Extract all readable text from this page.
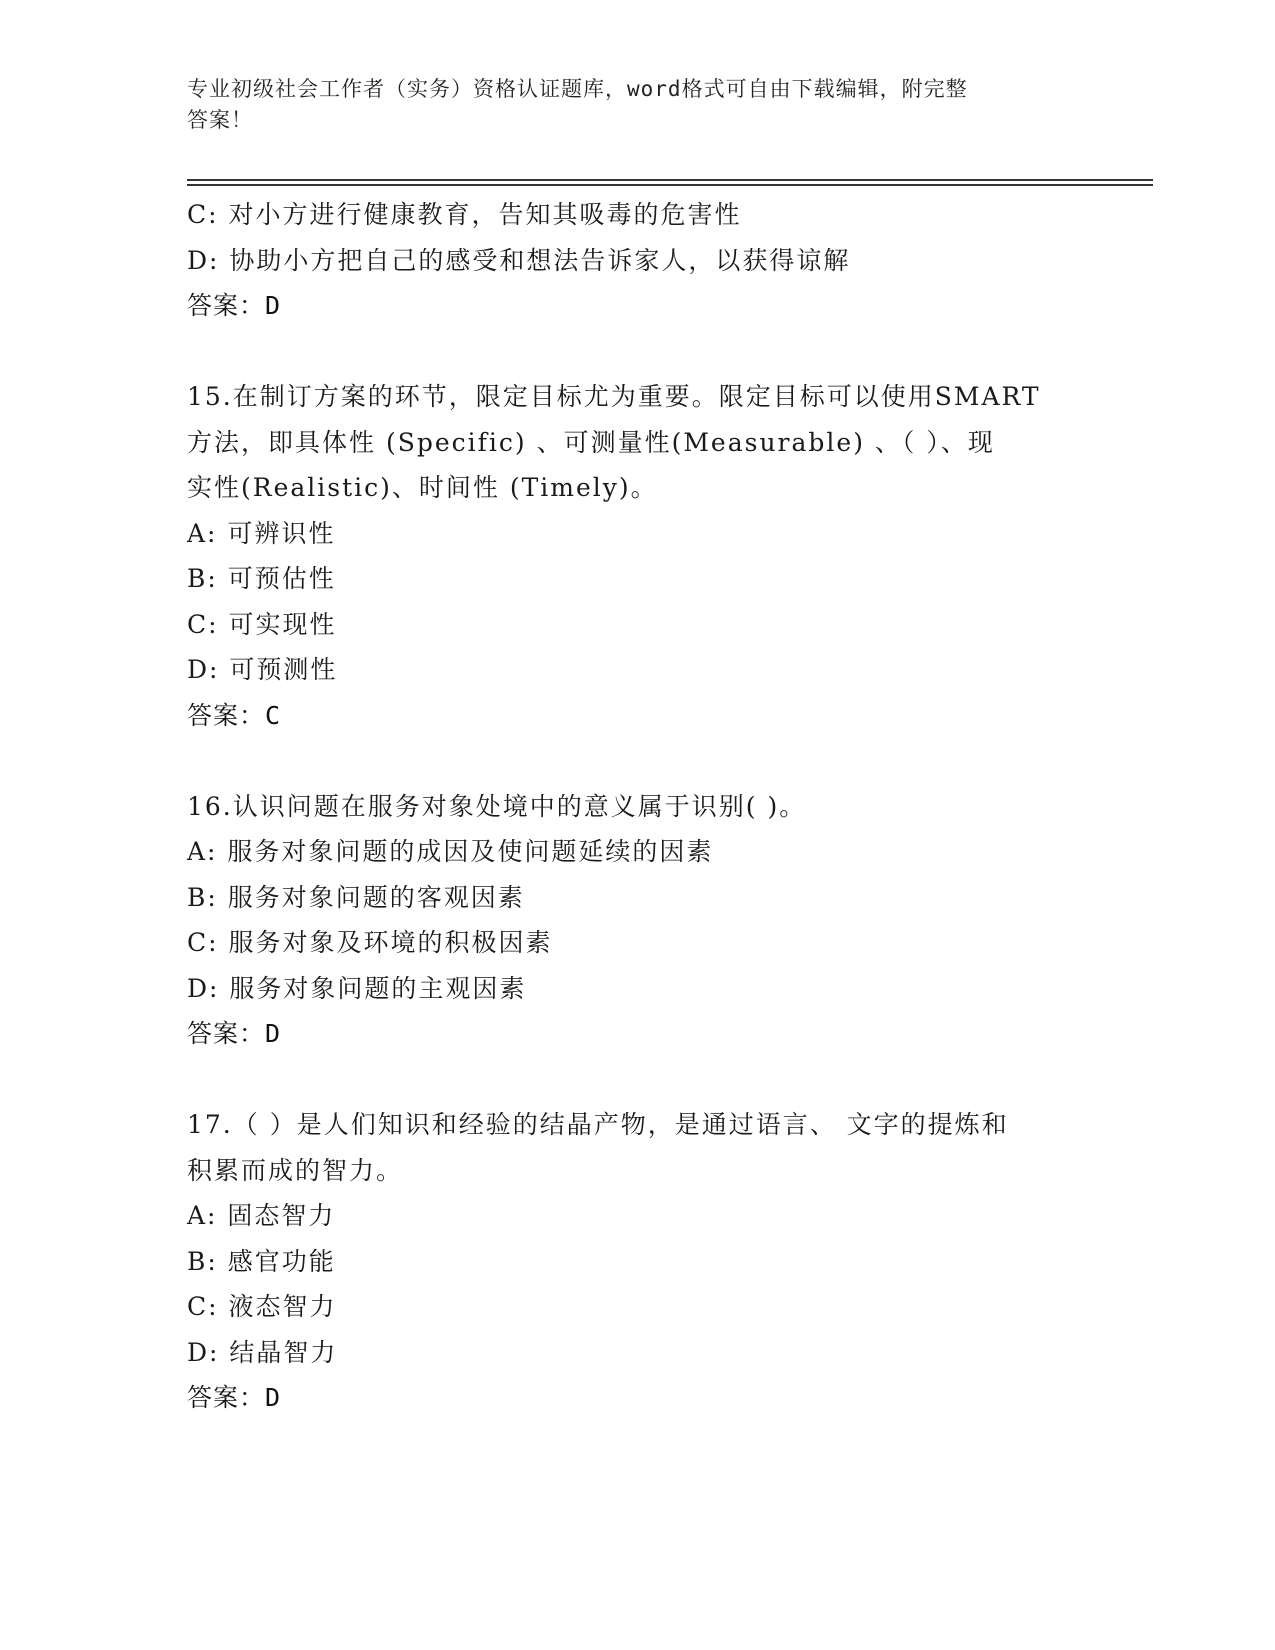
专业初级社会工作者（实务）资格认证题库，word格式可自由下载编辑，附完整
答案！
C: 对小方进行健康教育，告知其吸毒的危害性
D: 协助小方把自己的感受和想法告诉家人，以获得谅解
答案：D
15.在制订方案的环节，限定目标尤为重要。限定目标可以使用SMART
方法，即具体性 (Specific) 、可测量性(Measurable) 、（ ）、现
实性(Realistic)、时间性 (Timely)。
A: 可辨识性
B: 可预估性
C: 可实现性
D: 可预测性
答案：C
16.认识问题在服务对象处境中的意义属于识别( )。
A: 服务对象问题的成因及使问题延续的因素
B: 服务对象问题的客观因素
C: 服务对象及环境的积极因素
D: 服务对象问题的主观因素
答案：D
17.（ ）是人们知识和经验的结晶产物，是通过语言、 文字的提炼和
积累而成的智力。
A: 固态智力
B: 感官功能
C: 液态智力
D: 结晶智力
答案：D
